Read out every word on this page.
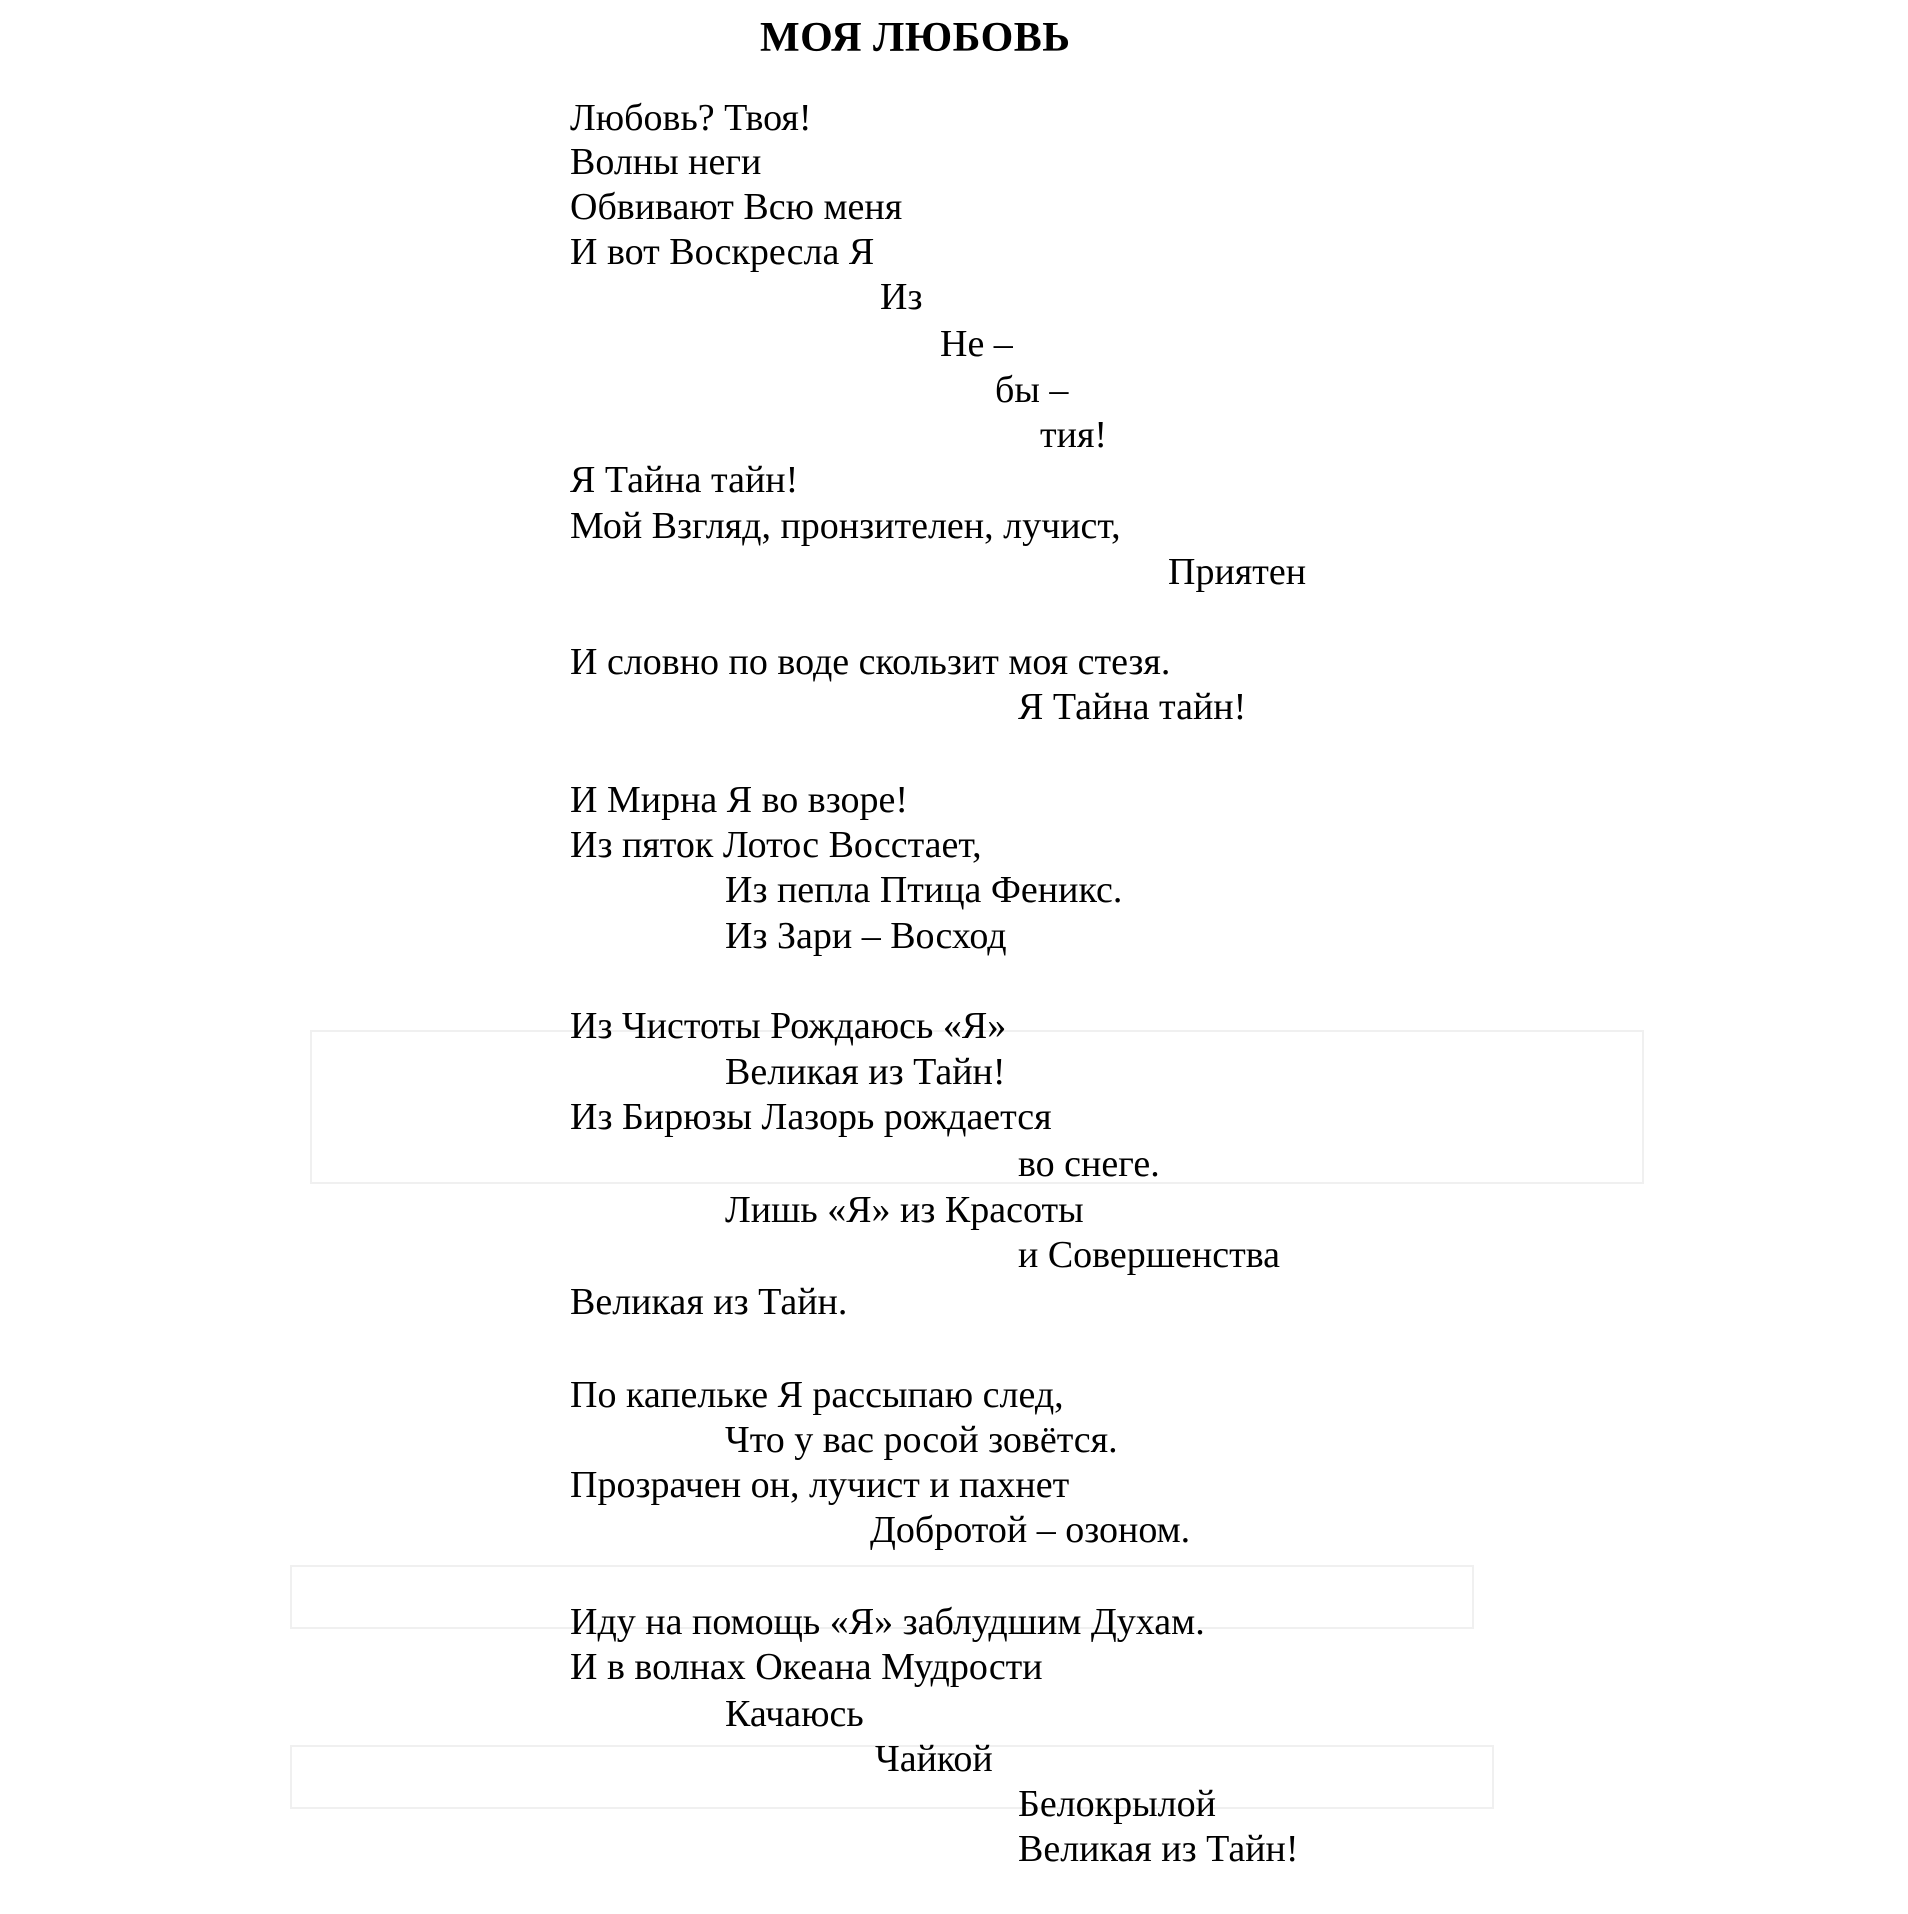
МОЯ ЛЮБОВЬ
Любовь? Твоя!
Волны неги
Обвивают Всю меня
И вот Воскресла Я
Из
Не –
бы –
тия!
Я Тайна тайн!
Мой Взгляд, пронзителен, лучист,
Приятен
И словно по воде скользит моя стезя.
Я Тайна тайн!
И Мирна Я во взоре!
Из пяток Лотос Восстает,
Из пепла Птица Феникс.
Из Зари – Восход
Из Чистоты Рождаюсь «Я»
Великая из Тайн!
Из Бирюзы Лазорь рождается
во снеге.
Лишь «Я» из Красоты
и Совершенства
Великая из Тайн.
По капельке Я рассыпаю след,
Что у вас росой зовётся.
Прозрачен он, лучист и пахнет
Добротой – озоном.
Иду на помощь «Я» заблудшим Духам.
И в волнах Океана Мудрости
Качаюсь
Чайкой
Белокрылой
Великая из Тайн!
